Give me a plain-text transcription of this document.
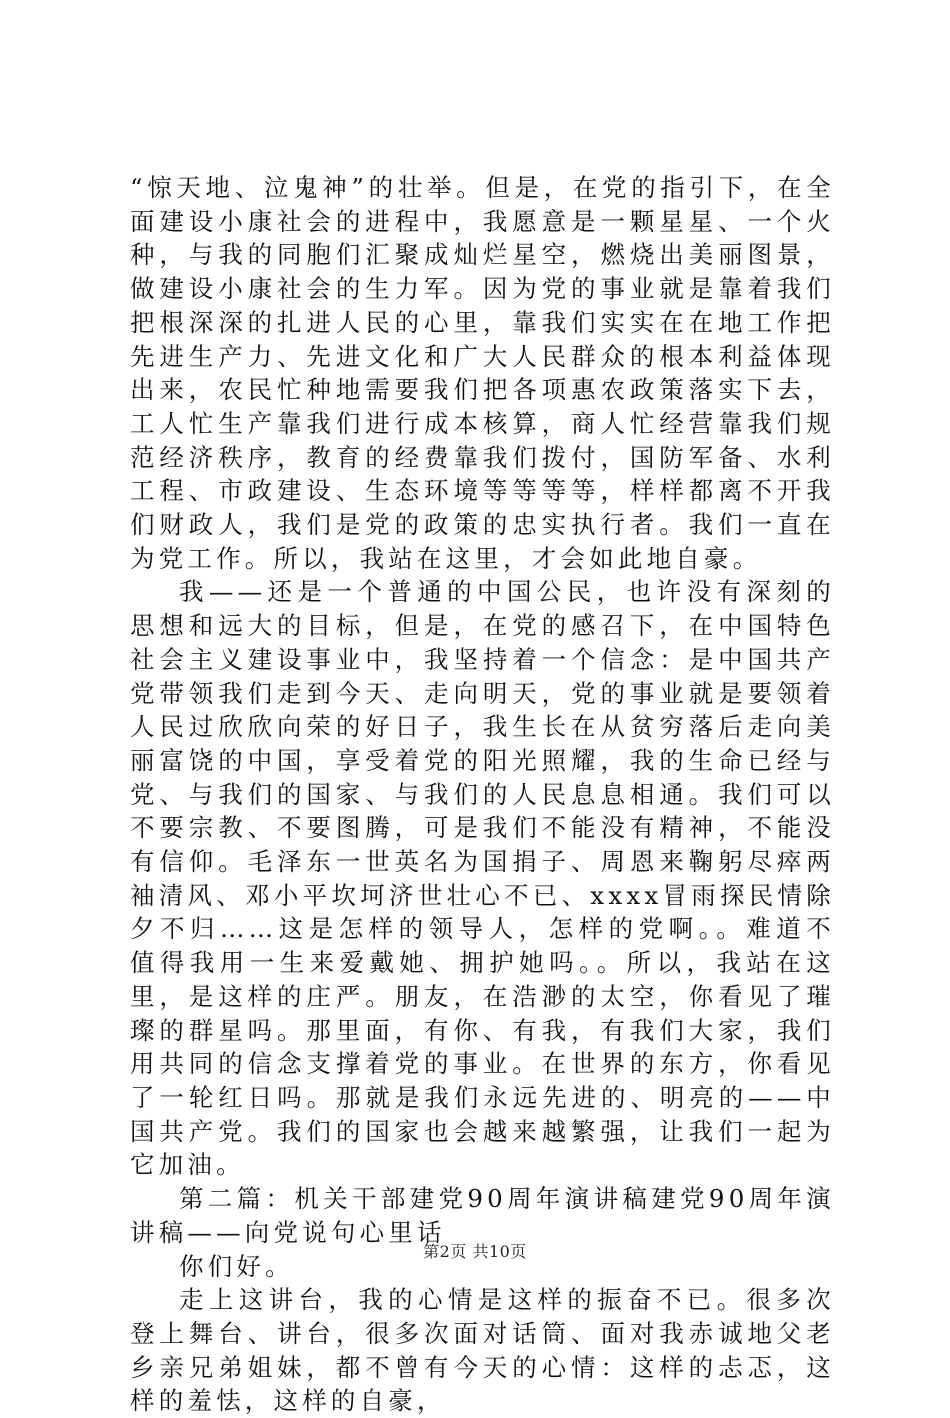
“惊天地、泣鬼神”的壮举。但是，在党的指引下，在全面建设小康社会的进程中，我愿意是一颗星星、一个火种，与我的同胞们汇聚成灿烂星空，燃烧出美丽图景，做建设小康社会的生力军。因为党的事业就是靠着我们把根深深的扎进人民的心里，靠我们实实在在地工作把先进生产力、先进文化和广大人民群众的根本利益体现出来，农民忙种地需要我们把各项惠农政策落实下去，工人忙生产靠我们进行成本核算，商人忙经营靠我们规范经济秩序，教育的经费靠我们拨付，国防军备、水利工程、市政建设、生态环境等等等等，样样都离不开我们财政人，我们是党的政策的忠实执行者。我们一直在为党工作。所以，我站在这里，才会如此地自豪。

我——还是一个普通的中国公民，也许没有深刻的思想和远大的目标，但是，在党的感召下，在中国特色社会主义建设事业中，我坚持着一个信念：是中国共产党带领我们走到今天、走向明天，党的事业就是要领着人民过欣欣向荣的好日子，我生长在从贫穷落后走向美丽富饶的中国，享受着党的阳光照耀，我的生命已经与党、与我们的国家、与我们的人民息息相通。我们可以不要宗教、不要图腾，可是我们不能没有精神，不能没有信仰。毛泽东一世英名为国捐子、周恩来鞠躬尽瘁两袖清风、邓小平坎坷济世壮心不已、xxxx冒雨探民情除夕不归……这是怎样的领导人，怎样的党啊。。难道不值得我用一生来爱戴她、拥护她吗。。所以，我站在这里，是这样的庄严。朋友，在浩渺的太空，你看见了璀璨的群星吗。那里面，有你、有我，有我们大家，我们用共同的信念支撑着党的事业。在世界的东方，你看见了一轮红日吗。那就是我们永远先进的、明亮的——中国共产党。我们的国家也会越来越繁强，让我们一起为它加油。

第二篇：机关干部建党90周年演讲稿建党90周年演讲稿——向党说句心里话

你们好。

走上这讲台，我的心情是这样的振奋不已。很多次登上舞台、讲台，很多次面对话筒、面对我赤诚地父老乡亲兄弟姐妹，都不曾有今天的心情：这样的忐忑，这样的羞怯，这样的自豪，

第2页 共10页
